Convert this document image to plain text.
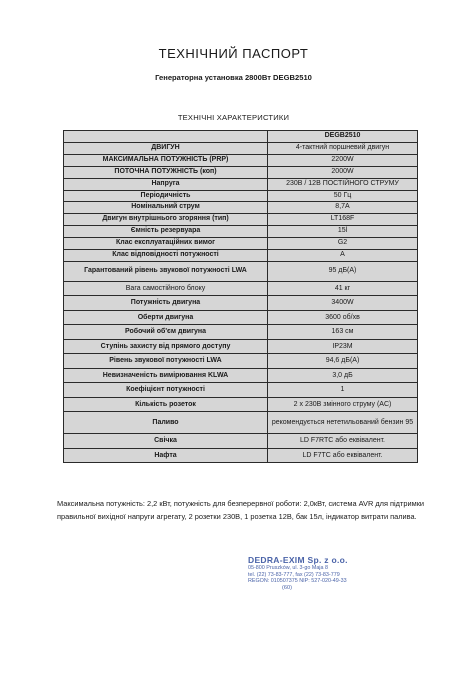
ТЕХНІЧНИЙ ПАСПОРТ
Генераторна установка 2800Вт DEGB2510
ТЕХНІЧНІ ХАРАКТЕРИСТИКИ
	DEGB2510
ДВИГУН	4-тактний поршневий двигун
МАКСИМАЛЬНА ПОТУЖНІСТЬ (PRP)	2200W
ПОТОЧНА ПОТУЖНІСТЬ (коп)	2000W
Напруга	230В / 12В ПОСТІЙНОГО СТРУМУ
Періодичність	50 Гц
Номінальний струм	8,7А
Двигун внутрішнього згоряння (тип)	LT168F
Ємність резервуара	15l
Клас експлуатаційних вимог	G2
Клас відповідності потужності	A
Гарантований рівень звукової потужності LWA	95 дБ(А)
Вага самостійного блоку	41 кг
Потужність двигуна	3400W
Оберти двигуна	3600 об/хв
Робочий об'єм двигуна	163 см
Ступінь захисту від прямого доступу	IP23M
Рівень звукової потужності LWA	94,6 дБ(А)
Невизначеність вимірювання KLWA	3,0 дБ
Коефіцієнт потужності	1
Кількість розеток	2 x 230В змінного струму (AC)
Паливо	рекомендується нететильований бензин 95
Свічка	LD F7RTC або еквівалент.
Нафта	LD F7TC або еквівалент.
Максимальна потужність: 2,2 кВт, потужність для безперервної роботи: 2,0кВт, система AVR для підтримки правильної вихідної напруги агрегату, 2 розетки 230В, 1 розетка 12В, бак 15л, індикатор витрати палива.
DEDRA-EXIM Sp. z o.o.
05-800 Pruszków, ul. 3-go Maja 8
tel. (22) 73-83-777, fax (22) 73-83-779
REGON: 010507375 NIP: 527-020-49-33
(60)
